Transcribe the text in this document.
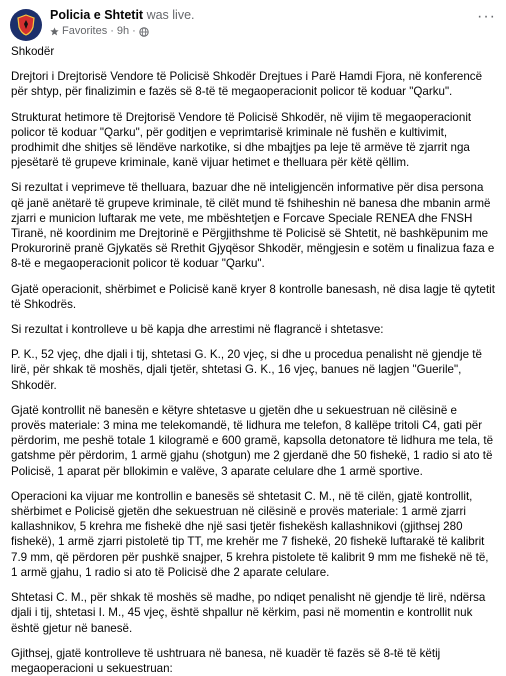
Policia e Shtetit was live.
Favorites · 9h ·
···

Shkodër

Drejtori i Drejtorisë Vendore të Policisë Shkodër Drejtues i Parë Hamdi Fjora, në konferencë për shtyp, për finalizimin e fazës së 8-të të megaoperacionit policor të koduar "Qarku".

Strukturat hetimore të Drejtorisë Vendore të Policisë Shkodër, në vijim të megaoperacionit policor të koduar "Qarku", për goditjen e veprimtarisë kriminale në fushën e kultivimit, prodhimit dhe shitjes së lëndëve narkotike, si dhe mbajtjes pa leje të armëve të zjarrit nga pjesëtarë të grupeve kriminale, kanë vijuar hetimet e thelluara për këtë qëllim.

Si rezultat i veprimeve të thelluara, bazuar dhe në inteligjencën informative për disa persona që janë anëtarë të grupeve kriminale, të cilët mund të fshiheshin në banesa dhe mbanin armë zjarri e municion luftarak me vete, me mbështetjen e Forcave Speciale RENEA dhe FNSH Tiranë, në koordinim me Drejtorinë e Përgjithshme të Policisë së Shtetit, në bashkëpunim me Prokurorinë pranë Gjykatës së Rrethit Gjyqësor Shkodër, mëngjesin e sotëm u finalizua faza e 8-të e megaoperacionit policor të koduar "Qarku".

Gjatë operacionit, shërbimet e Policisë kanë kryer 8 kontrolle banesash, në disa lagje të qytetit të Shkodrës.

Si rezultat i kontrolleve u bë kapja dhe arrestimi në flagrancë i shtetasve:

P. K., 52 vjeç, dhe djali i tij, shtetasi G. K., 20 vjeç, si dhe u procedua penalisht në gjendje të lirë, për shkak të moshës, djali tjetër, shtetasi G. K., 16 vjeç, banues në lagjen "Guerile", Shkodër.

Gjatë kontrollit në banesën e këtyre shtetasve u gjetën dhe u sekuestruan në cilësinë e provës materiale: 3 mina me telekomandë, të lidhura me telefon, 8 kallëpe tritoli C4, gati për përdorim, me peshë totale 1 kilogramë e 600 gramë, kapsolla detonatore të lidhura me tela, të gatshme për përdorim, 1 armë gjahu (shotgun) me 2 gjerdanë dhe 50 fishekë, 1 radio si ato të Policisë, 1 aparat për bllokimin e valëve, 3 aparate celulare dhe 1 armë sportive.

Operacioni ka vijuar me kontrollin e banesës së shtetasit C. M., në të cilën, gjatë kontrollit, shërbimet e Policisë gjetën dhe sekuestruan në cilësinë e provës materiale: 1 armë zjarri kallashnikov, 5 krehra me fishekë dhe një sasi tjetër fishekësh kallashnikovi (gjithsej 280 fishekë), 1 armë zjarri pistoletë tip TT, me krehër me 7 fishekë, 20 fishekë luftarakë të kalibrit 7.9 mm, që përdoren për pushkë snajper, 5 krehra pistolete të kalibrit 9 mm me fishekë në të, 1 armë gjahu, 1 radio si ato të Policisë dhe 2 aparate celulare.

Shtetasi C. M., për shkak të moshës së madhe, po ndiqet penalisht në gjendje të lirë, ndërsa djali i tij, shtetasi I. M., 45 vjeç, është shpallur në kërkim, pasi në momentin e kontrollit nuk është gjetur në banesë.

Gjithsej, gjatë kontrolleve të ushtruara në banesa, në kuadër të fazës së 8-të të këtij megaoperacioni u sekuestruan:
